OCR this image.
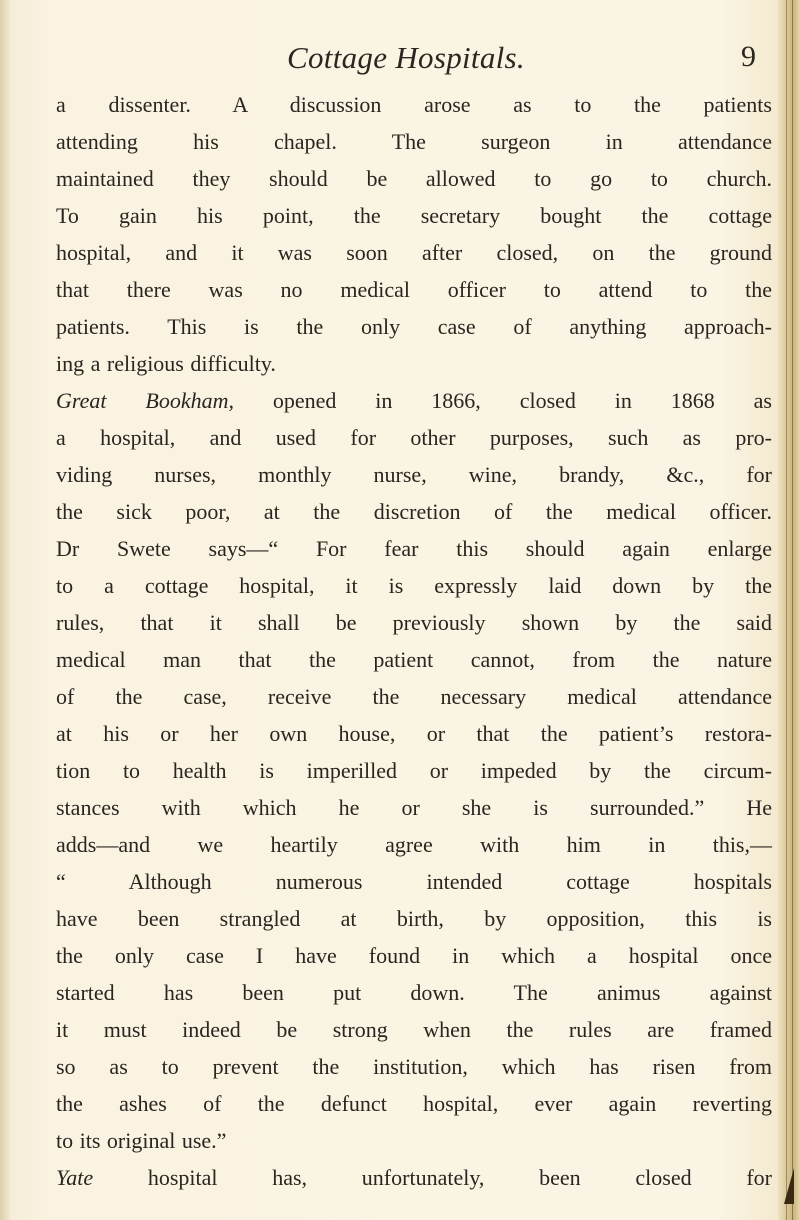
Cottage Hospitals.	9
a dissenter. A discussion arose as to the patients
attending his chapel. The surgeon in attendance
maintained they should be allowed to go to church.
To gain his point, the secretary bought the cottage
hospital, and it was soon after closed, on the ground
that there was no medical officer to attend to the
patients. This is the only case of anything approach-
ing a religious difficulty.
Great Bookham, opened in 1866, closed in 1868 as
a hospital, and used for other purposes, such as pro-
viding nurses, monthly nurse, wine, brandy, &c., for
the sick poor, at the discretion of the medical officer.
Dr Swete says—“ For fear this should again enlarge
to a cottage hospital, it is expressly laid down by the
rules, that it shall be previously shown by the said
medical man that the patient cannot, from the nature
of the case, receive the necessary medical attendance
at his or her own house, or that the patient’s restora-
tion to health is imperilled or impeded by the circum-
stances with which he or she is surrounded.” He
adds—and we heartily agree with him in this,—
“ Although numerous intended cottage hospitals
have been strangled at birth, by opposition, this is
the only case I have found in which a hospital once
started has been put down. The animus against
it must indeed be strong when the rules are framed
so as to prevent the institution, which has risen from
the ashes of the defunct hospital, ever again reverting
to its original use.”
Yate hospital has, unfortunately, been closed for
